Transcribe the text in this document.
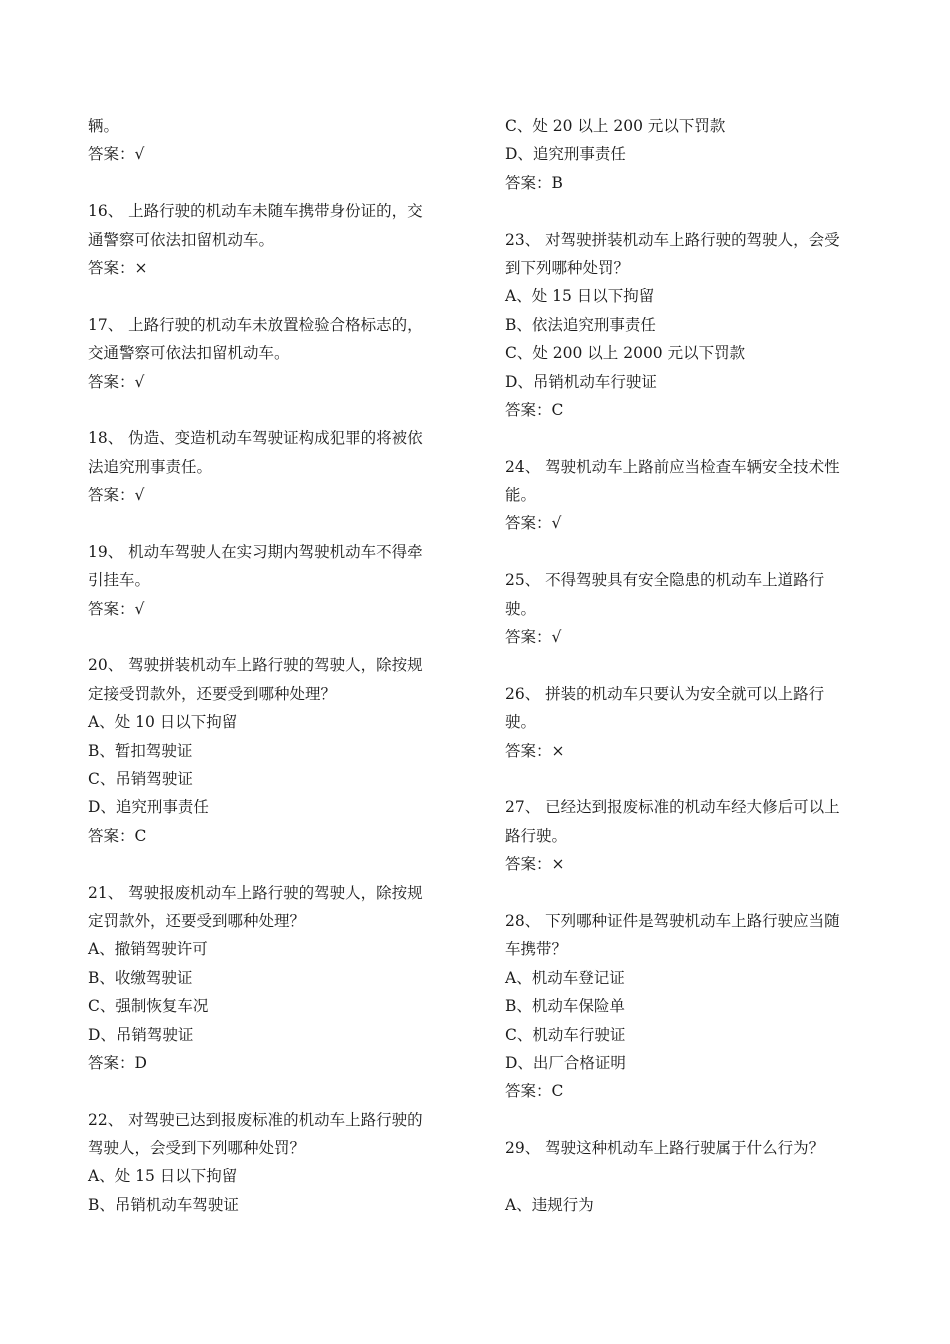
辆。
答案：√
16、 上路行驶的机动车未随车携带身份证的，交
通警察可依法扣留机动车。
答案：×
17、 上路行驶的机动车未放置检验合格标志的，
交通警察可依法扣留机动车。
答案：√
18、 伪造、变造机动车驾驶证构成犯罪的将被依
法追究刑事责任。
答案：√
19、 机动车驾驶人在实习期内驾驶机动车不得牵
引挂车。
答案：√
20、 驾驶拼装机动车上路行驶的驾驶人，除按规
定接受罚款外，还要受到哪种处理？
A、处 10 日以下拘留
B、暂扣驾驶证
C、吊销驾驶证
D、追究刑事责任
答案：C
21、 驾驶报废机动车上路行驶的驾驶人，除按规
定罚款外，还要受到哪种处理？
A、撤销驾驶许可
B、收缴驾驶证
C、强制恢复车况
D、吊销驾驶证
答案：D
22、 对驾驶已达到报废标准的机动车上路行驶的
驾驶人，会受到下列哪种处罚？
A、处 15 日以下拘留
B、吊销机动车驾驶证
C、处 20 以上 200 元以下罚款
D、追究刑事责任
答案：B
23、 对驾驶拼装机动车上路行驶的驾驶人，会受
到下列哪种处罚？
A、处 15 日以下拘留
B、依法追究刑事责任
C、处 200 以上 2000 元以下罚款
D、吊销机动车行驶证
答案：C
24、 驾驶机动车上路前应当检查车辆安全技术性
能。
答案：√
25、 不得驾驶具有安全隐患的机动车上道路行
驶。
答案：√
26、 拼装的机动车只要认为安全就可以上路行
驶。
答案：×
27、 已经达到报废标准的机动车经大修后可以上
路行驶。
答案：×
28、 下列哪种证件是驾驶机动车上路行驶应当随
车携带？
A、机动车登记证
B、机动车保险单
C、机动车行驶证
D、出厂合格证明
答案：C
29、 驾驶这种机动车上路行驶属于什么行为？
A、违规行为
